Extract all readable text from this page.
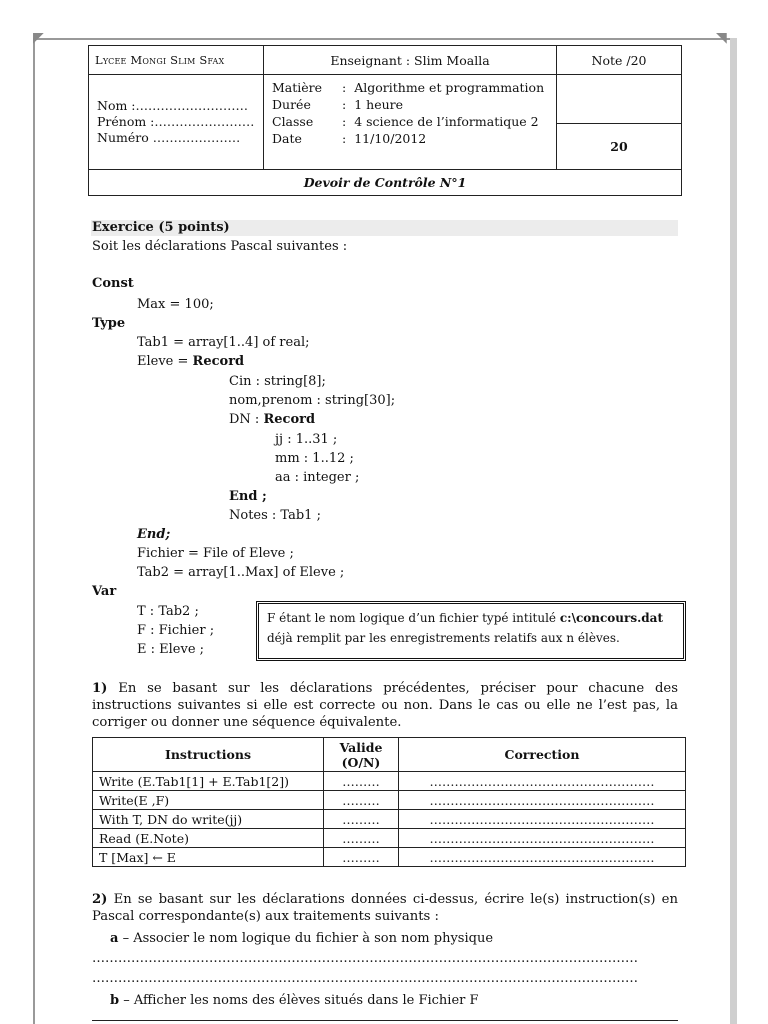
◤	◥
Lycee Mongi Slim Sfax	Enseignant : Slim Moalla	Note /20

Nom :………………………
Prénom :……………………
Numéro …………………

Matière	:	Algorithme et programmation
Durée	:	1 heure
Classe	:	4 science de l’informatique 2
Date	:	11/10/2012

20
Devoir de Contrôle N°1
Exercice (5 points)
Soit les déclarations Pascal suivantes :
Const
Max = 100;
Type
Tab1 = array[1..4] of real;
Eleve = Record
Cin : string[8];
nom,prenom : string[30];
DN : Record
jj : 1..31 ;
mm : 1..12 ;
aa : integer ;
End ;
Notes : Tab1 ;
End;
Fichier = File of Eleve ;
Tab2 = array[1..Max] of Eleve ;
Var
T : Tab2 ;
F : Fichier ;
E : Eleve ;
F étant le nom logique d’un fichier typé intitulé c:\concours.dat
déjà remplit par les enregistrements relatifs aux n élèves.
1) En se basant sur les déclarations précédentes, préciser pour chacune des instructions suivantes si elle est correcte ou non. Dans le cas ou elle ne l’est pas, la corriger ou donner une séquence équivalente.
Instructions	Valide (O/N)	Correction
Write (E.Tab1[1] + E.Tab1[2])	………	………………………………………………
Write(E ,F)	………	………………………………………………
With T, DN do write(jj)	………	………………………………………………
Read (E.Note)	………	………………………………………………
T [Max] ← E	………	………………………………………………
2) En se basant sur les déclarations données ci-dessus, écrire le(s) instruction(s) en Pascal correspondante(s) aux traitements suivants :
a – Associer le nom logique du fichier à son nom physique
………………………………………………………………………………………………………………
………………………………………………………………………………………………………………
b – Afficher les noms des élèves situés dans le Fichier F
